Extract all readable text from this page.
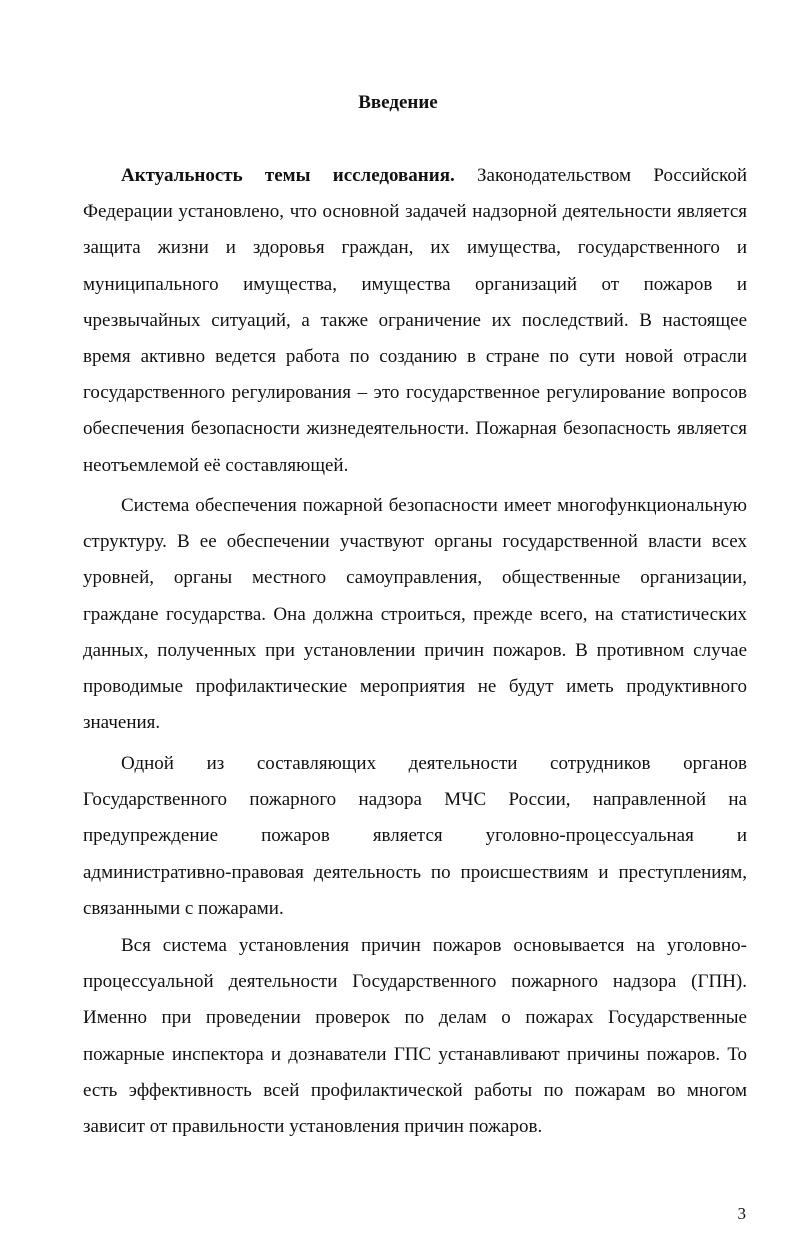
Введение

Актуальность темы исследования. Законодательством Российской Федерации установлено, что основной задачей надзорной деятельности является защита жизни и здоровья граждан, их имущества, государственного и муниципального имущества, имущества организаций от пожаров и чрезвычайных ситуаций, а также ограничение их последствий. В настоящее время активно ведется работа по созданию в стране по сути новой отрасли государственного регулирования – это государственное регулирование вопросов обеспечения безопасности жизнедеятельности. Пожарная безопасность является неотъемлемой её составляющей.

Система обеспечения пожарной безопасности имеет многофункциональную структуру. В ее обеспечении участвуют органы государственной власти всех уровней, органы местного самоуправления, общественные организации, граждане государства. Она должна строиться, прежде всего, на статистических данных, полученных при установлении причин пожаров. В противном случае проводимые профилактические мероприятия не будут иметь продуктивного значения.

Одной из составляющих деятельности сотрудников органов Государственного пожарного надзора МЧС России, направленной на предупреждение пожаров является уголовно-процессуальная и административно-правовая деятельность по происшествиям и преступлениям, связанными с пожарами.

Вся система установления причин пожаров основывается на уголовно-процессуальной деятельности Государственного пожарного надзора (ГПН). Именно при проведении проверок по делам о пожарах Государственные пожарные инспектора и дознаватели ГПС устанавливают причины пожаров. То есть эффективность всей профилактической работы по пожарам во многом зависит от правильности установления причин пожаров.

3
